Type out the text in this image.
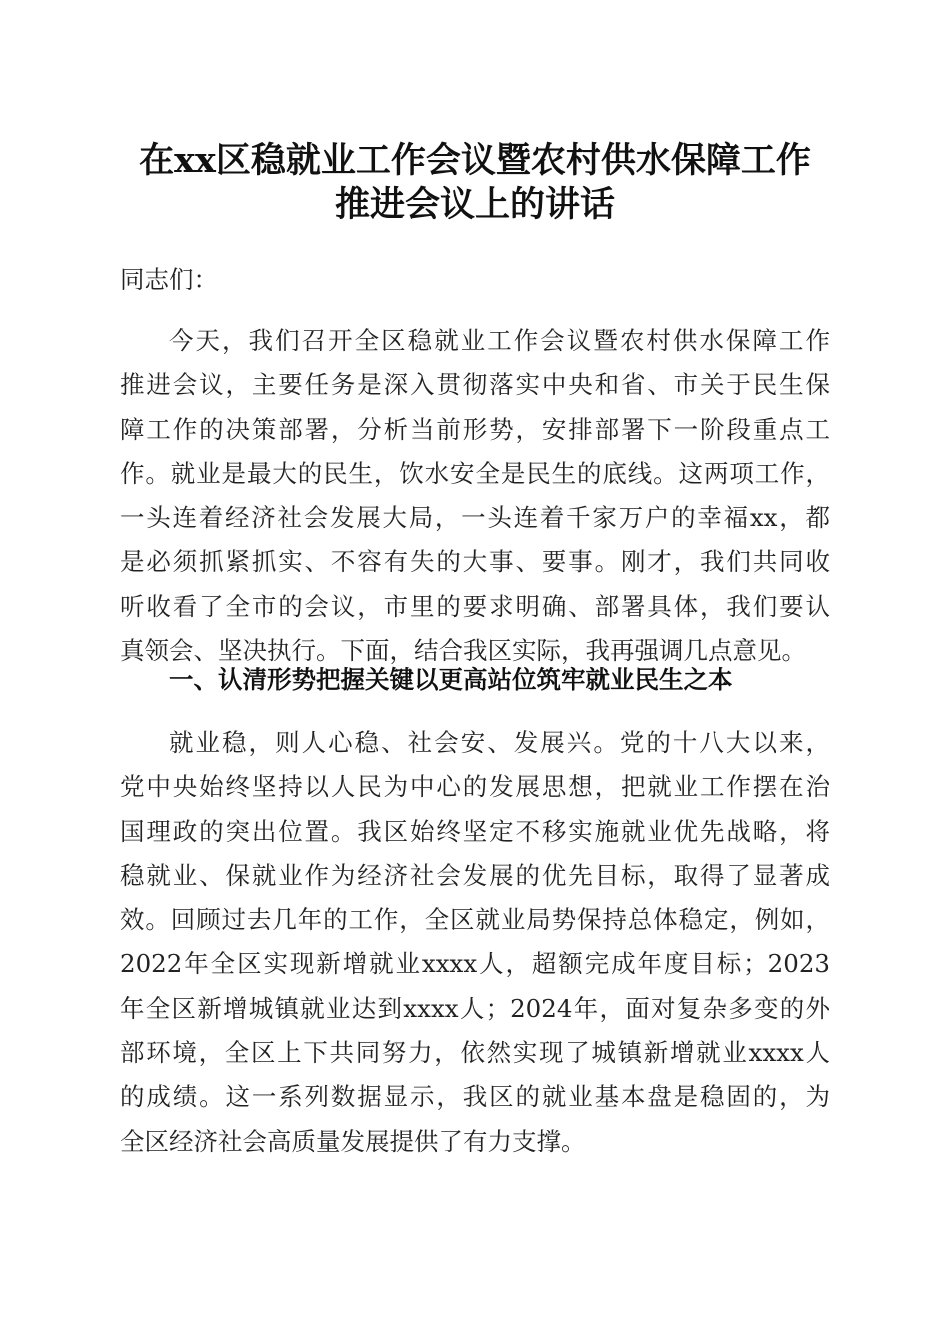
在xx区稳就业工作会议暨农村供水保障工作
推进会议上的讲话

同志们：

今天，我们召开全区稳就业工作会议暨农村供水保障工作
推进会议，主要任务是深入贯彻落实中央和省、市关于民生保
障工作的决策部署，分析当前形势，安排部署下一阶段重点工
作。就业是最大的民生，饮水安全是民生的底线。这两项工作，
一头连着经济社会发展大局，一头连着千家万户的幸福xx，都
是必须抓紧抓实、不容有失的大事、要事。刚才，我们共同收
听收看了全市的会议，市里的要求明确、部署具体，我们要认
真领会、坚决执行。下面，结合我区实际，我再强调几点意见。
一、认清形势把握关键以更高站位筑牢就业民生之本
就业稳，则人心稳、社会安、发展兴。党的十八大以来，
党中央始终坚持以人民为中心的发展思想，把就业工作摆在治
国理政的突出位置。我区始终坚定不移实施就业优先战略，将
稳就业、保就业作为经济社会发展的优先目标，取得了显著成
效。回顾过去几年的工作，全区就业局势保持总体稳定，例如，
2022年全区实现新增就业xxxx人，超额完成年度目标；2023
年全区新增城镇就业达到xxxx人；2024年，面对复杂多变的外
部环境，全区上下共同努力，依然实现了城镇新增就业xxxx人
的成绩。这一系列数据显示，我区的就业基本盘是稳固的，为
全区经济社会高质量发展提供了有力支撑。
